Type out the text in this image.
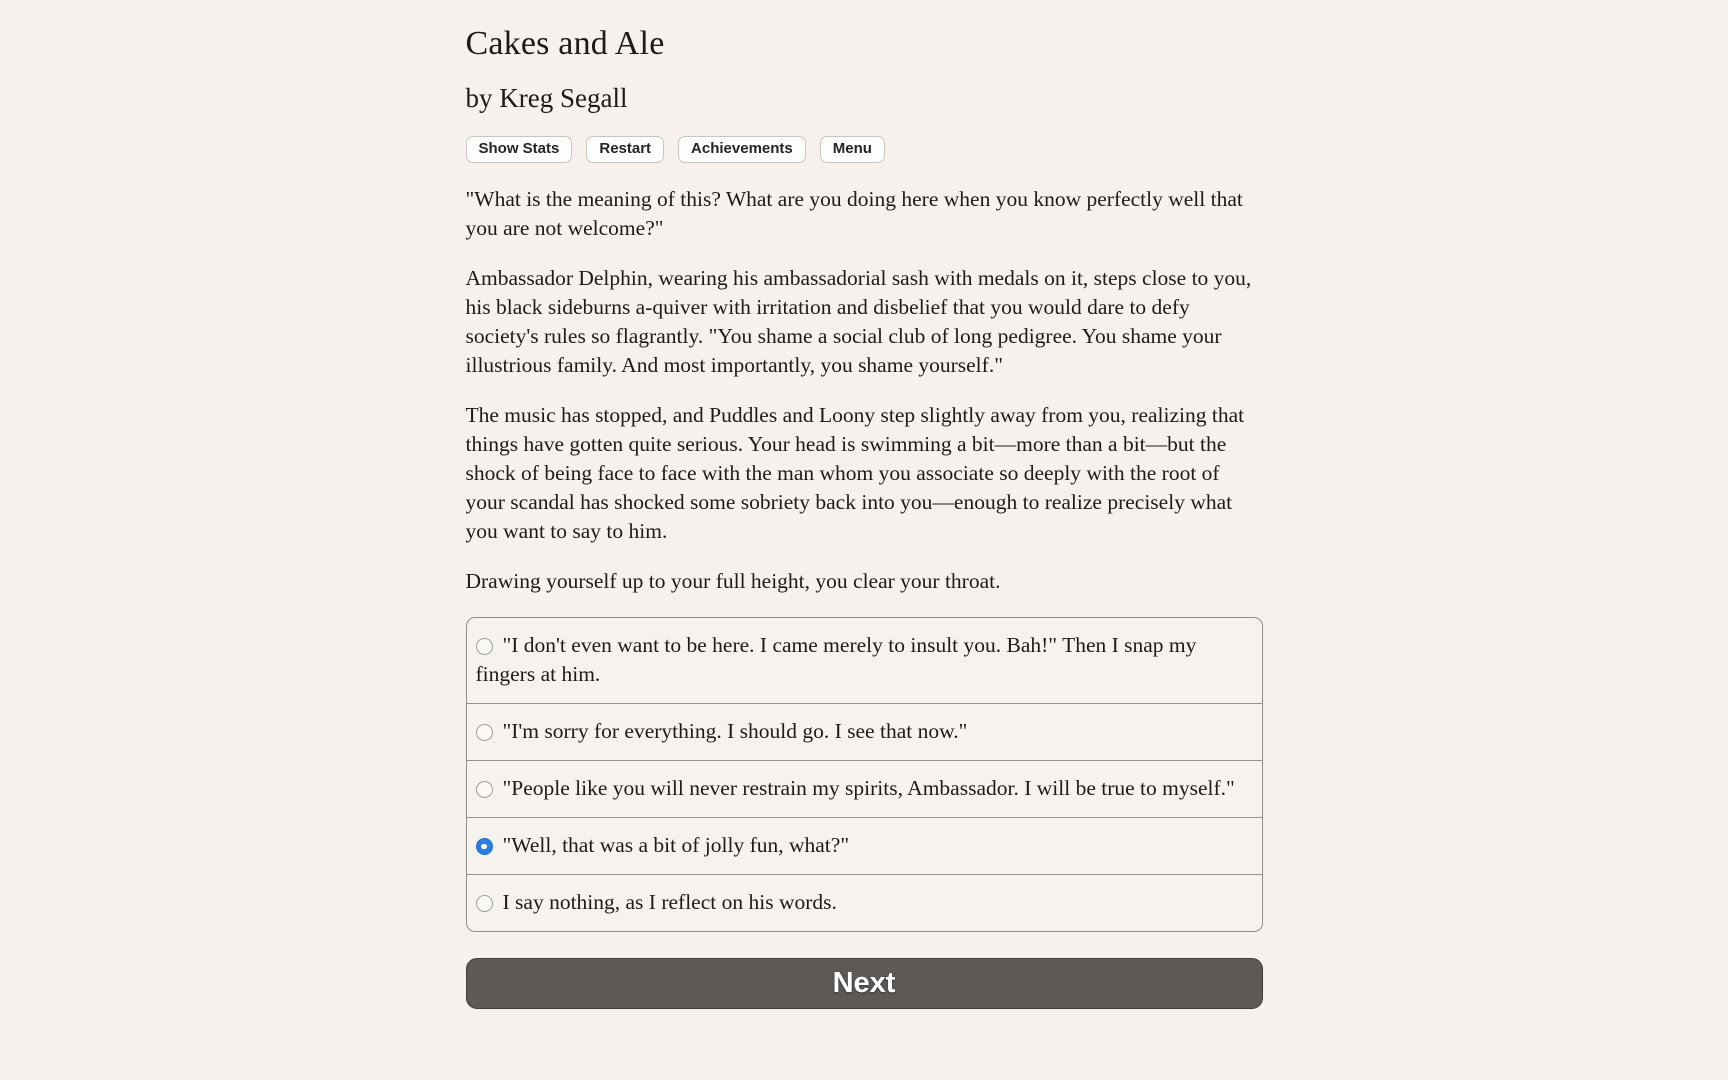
Cakes and Ale
by Kreg Segall
Show Stats	Restart	Achievements	Menu

"What is the meaning of this? What are you doing here when you know perfectly well that you are not welcome?"

Ambassador Delphin, wearing his ambassadorial sash with medals on it, steps close to you, his black sideburns a-quiver with irritation and disbelief that you would dare to defy society's rules so flagrantly. "You shame a social club of long pedigree. You shame your illustrious family. And most importantly, you shame yourself."

The music has stopped, and Puddles and Loony step slightly away from you, realizing that things have gotten quite serious. Your head is swimming a bit—more than a bit—but the shock of being face to face with the man whom you associate so deeply with the root of your scandal has shocked some sobriety back into you—enough to realize precisely what you want to say to him.

Drawing yourself up to your full height, you clear your throat.

"I don't even want to be here. I came merely to insult you. Bah!" Then I snap my fingers at him.
"I'm sorry for everything. I should go. I see that now."
"People like you will never restrain my spirits, Ambassador. I will be true to myself."
"Well, that was a bit of jolly fun, what?"
I say nothing, as I reflect on his words.
Next
